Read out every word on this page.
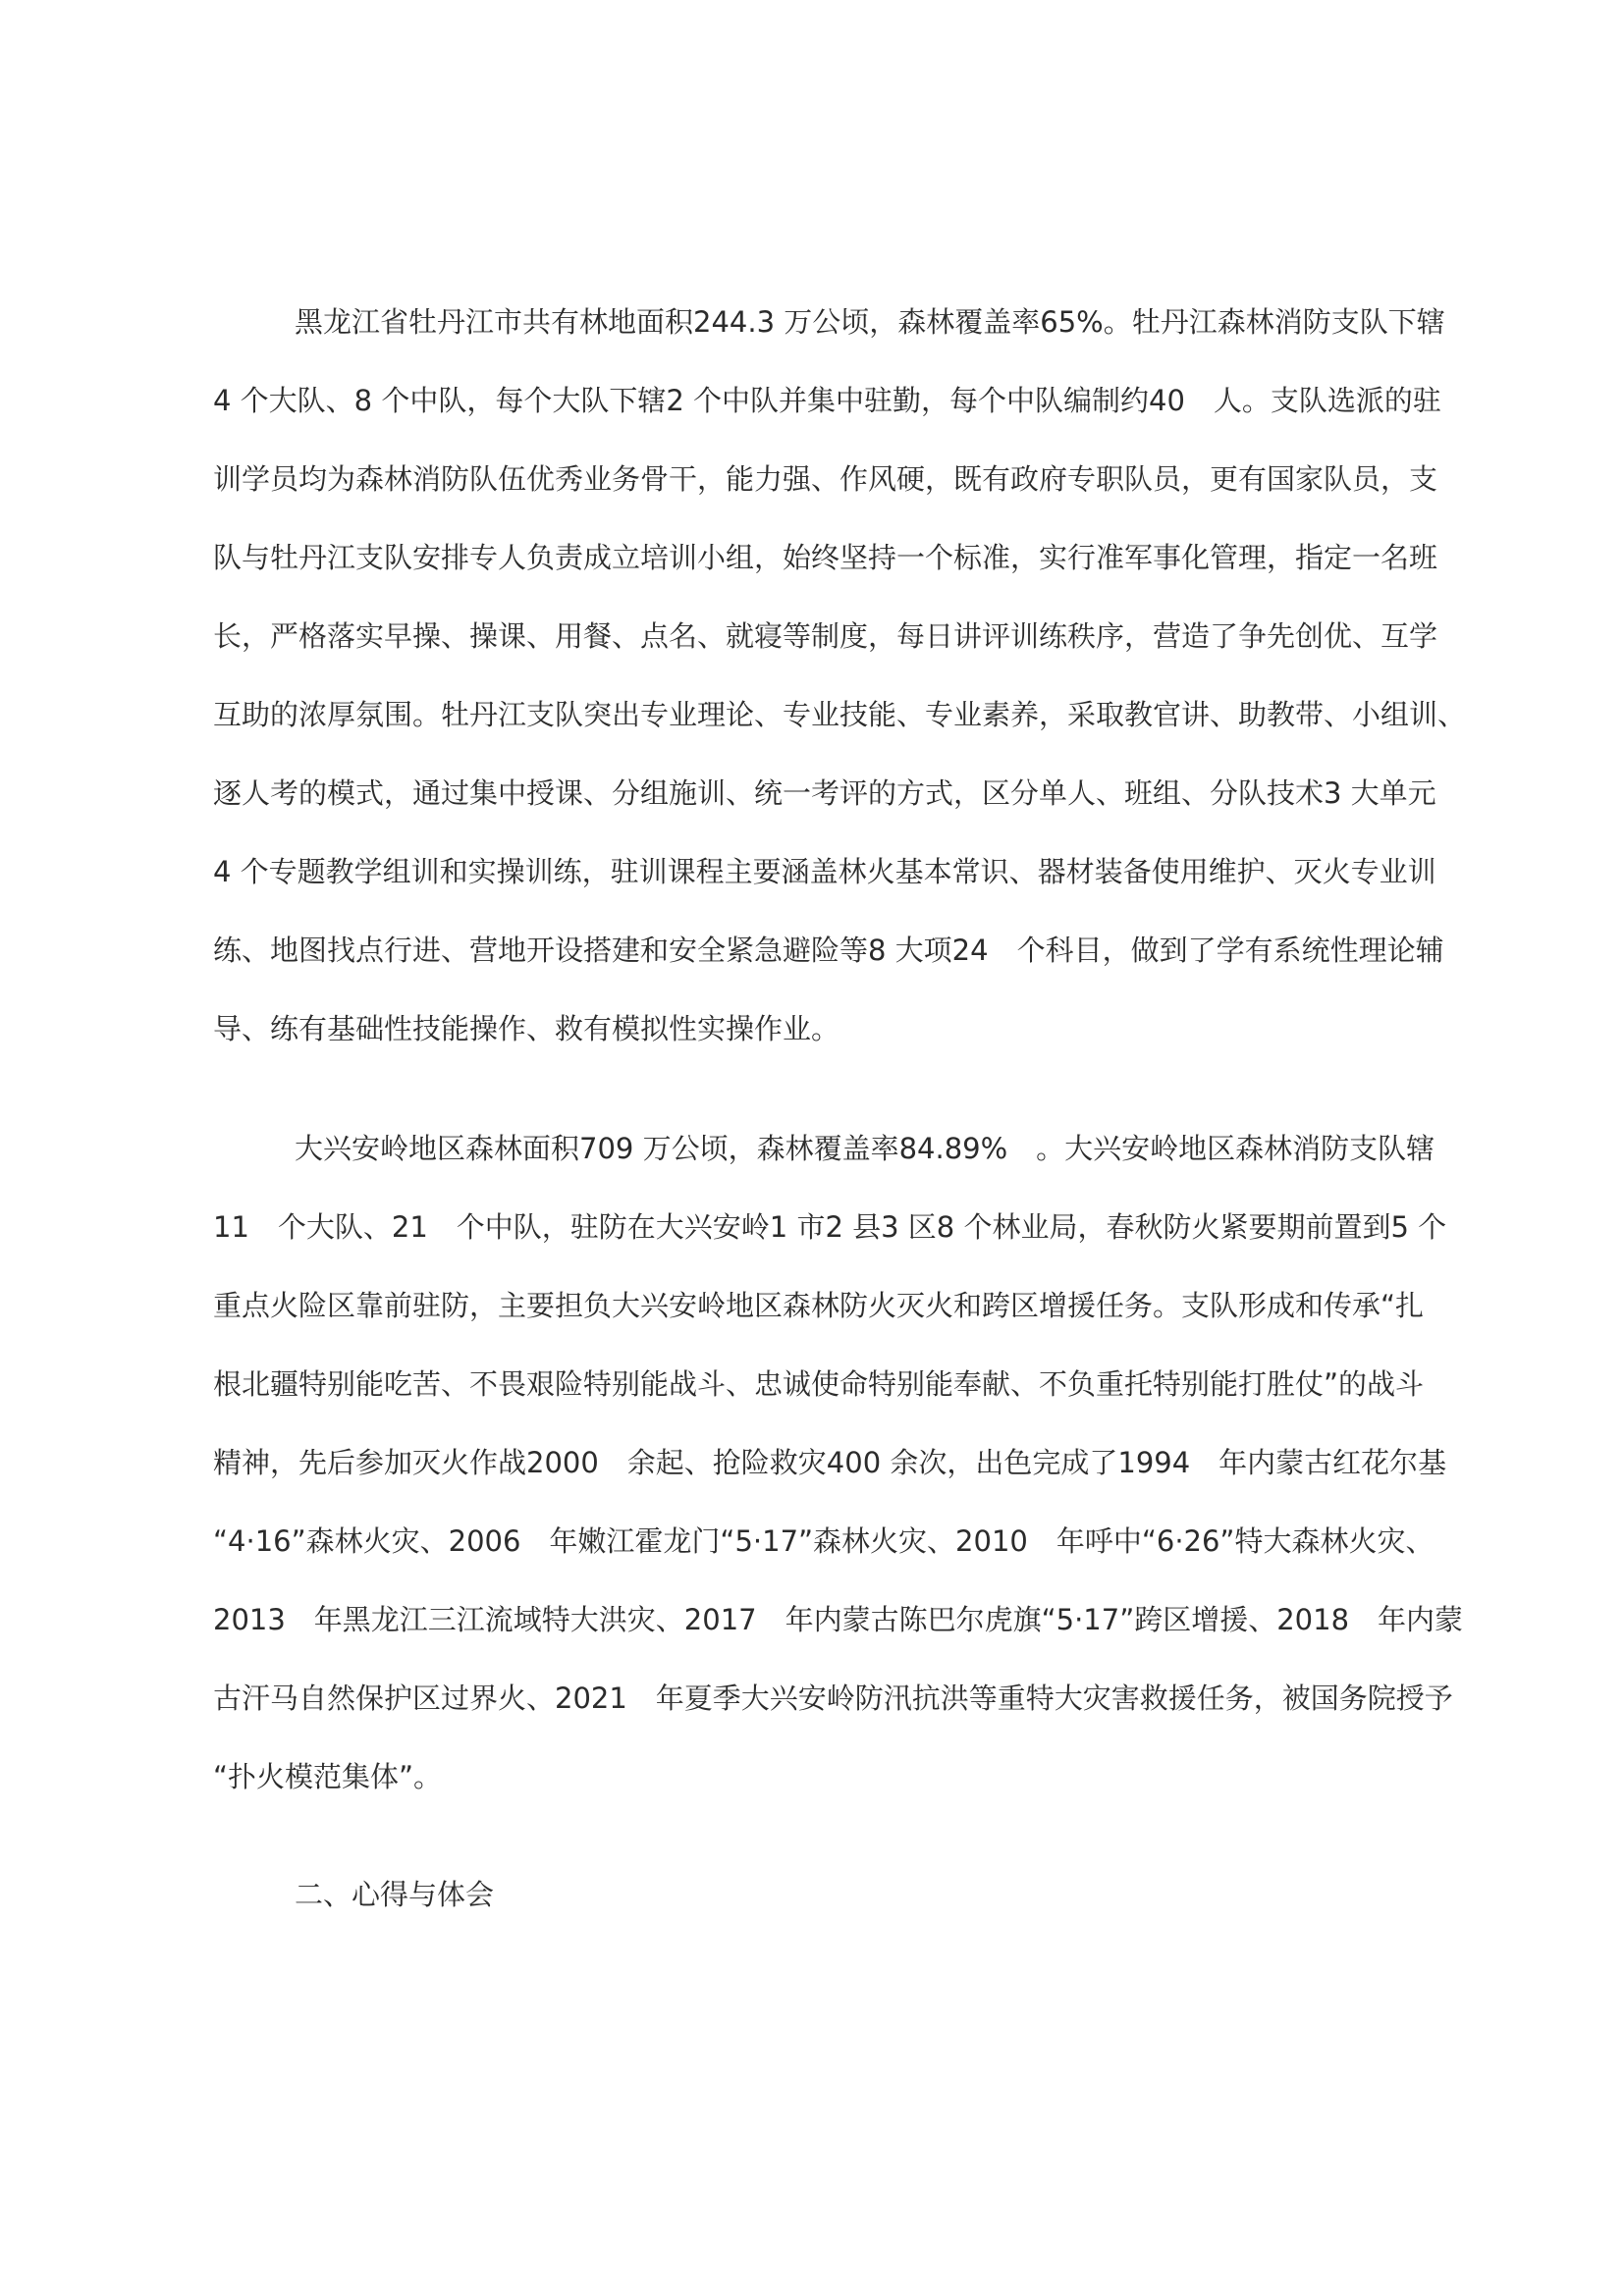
黑龙江省牡丹江市共有林地面积244.3 万公顷，森林覆盖率65%。牡丹江森林消防支队下辖
4 个大队、8 个中队，每个大队下辖2 个中队并集中驻勤，每个中队编制约40　人。支队选派的驻
训学员均为森林消防队伍优秀业务骨干，能力强、作风硬，既有政府专职队员，更有国家队员，支
队与牡丹江支队安排专人负责成立培训小组，始终坚持一个标准，实行准军事化管理，指定一名班
长，严格落实早操、操课、用餐、点名、就寝等制度，每日讲评训练秩序，营造了争先创优、互学
互助的浓厚氛围。牡丹江支队突出专业理论、专业技能、专业素养，采取教官讲、助教带、小组训、
逐人考的模式，通过集中授课、分组施训、统一考评的方式，区分单人、班组、分队技术3 大单元
4 个专题教学组训和实操训练，驻训课程主要涵盖林火基本常识、器材装备使用维护、灭火专业训
练、地图找点行进、营地开设搭建和安全紧急避险等8 大项24　个科目，做到了学有系统性理论辅
导、练有基础性技能操作、救有模拟性实操作业。
大兴安岭地区森林面积709 万公顷，森林覆盖率84.89%　。大兴安岭地区森林消防支队辖
11　个大队、21　个中队，驻防在大兴安岭1 市2 县3 区8 个林业局，春秋防火紧要期前置到5 个
重点火险区靠前驻防，主要担负大兴安岭地区森林防火灭火和跨区增援任务。支队形成和传承“扎
根北疆特别能吃苦、不畏艰险特别能战斗、忠诚使命特别能奉献、不负重托特别能打胜仗”的战斗
精神，先后参加灭火作战2000　余起、抢险救灾400 余次，出色完成了1994　年内蒙古红花尔基
“4·16”森林火灾、2006　年嫩江霍龙门“5·17”森林火灾、2010　年呼中“6·26”特大森林火灾、
2013　年黑龙江三江流域特大洪灾、2017　年内蒙古陈巴尔虎旗“5·17”跨区增援、2018　年内蒙
古汗马自然保护区过界火、2021　年夏季大兴安岭防汛抗洪等重特大灾害救援任务，被国务院授予
“扑火模范集体”。
二、心得与体会
